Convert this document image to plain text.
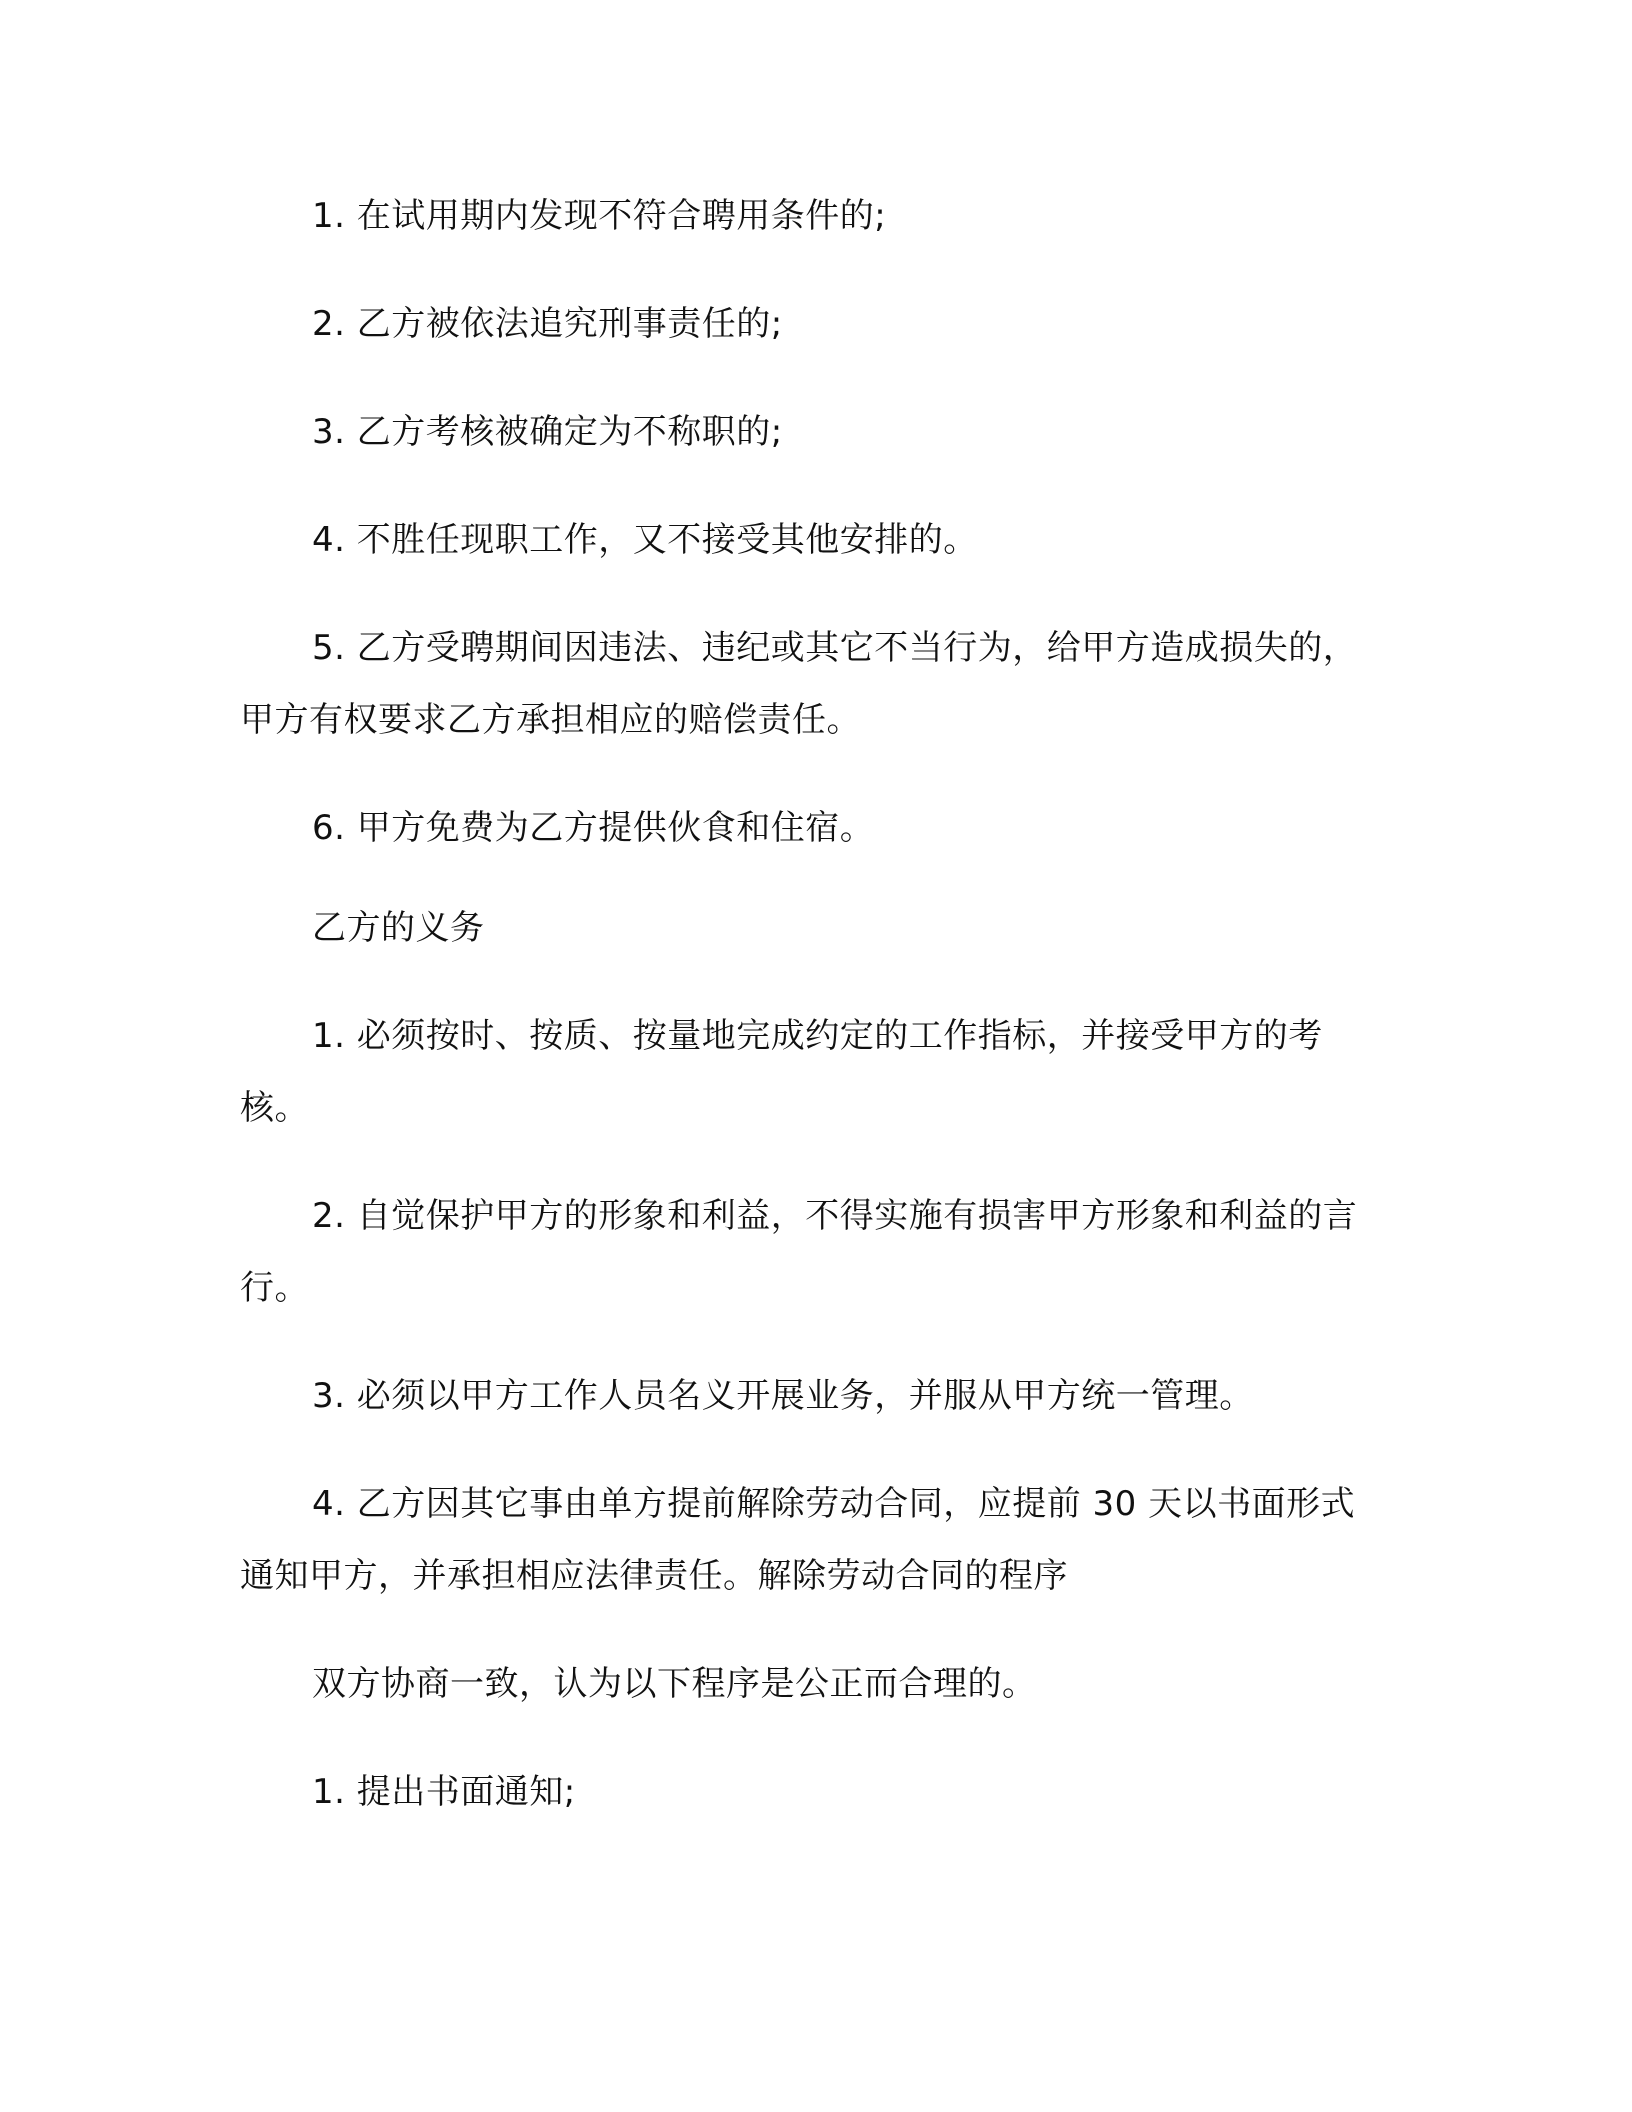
1. 在试用期内发现不符合聘用条件的;

2. 乙方被依法追究刑事责任的;

3. 乙方考核被确定为不称职的;

4. 不胜任现职工作，又不接受其他安排的。

5. 乙方受聘期间因违法、违纪或其它不当行为，给甲方造成损失的，甲方有权要求乙方承担相应的赔偿责任。

6. 甲方免费为乙方提供伙食和住宿。

乙方的义务

1. 必须按时、按质、按量地完成约定的工作指标，并接受甲方的考核。

2. 自觉保护甲方的形象和利益，不得实施有损害甲方形象和利益的言行。

3. 必须以甲方工作人员名义开展业务，并服从甲方统一管理。

4. 乙方因其它事由单方提前解除劳动合同，应提前 30 天以书面形式通知甲方，并承担相应法律责任。解除劳动合同的程序

双方协商一致，认为以下程序是公正而合理的。

1. 提出书面通知;
